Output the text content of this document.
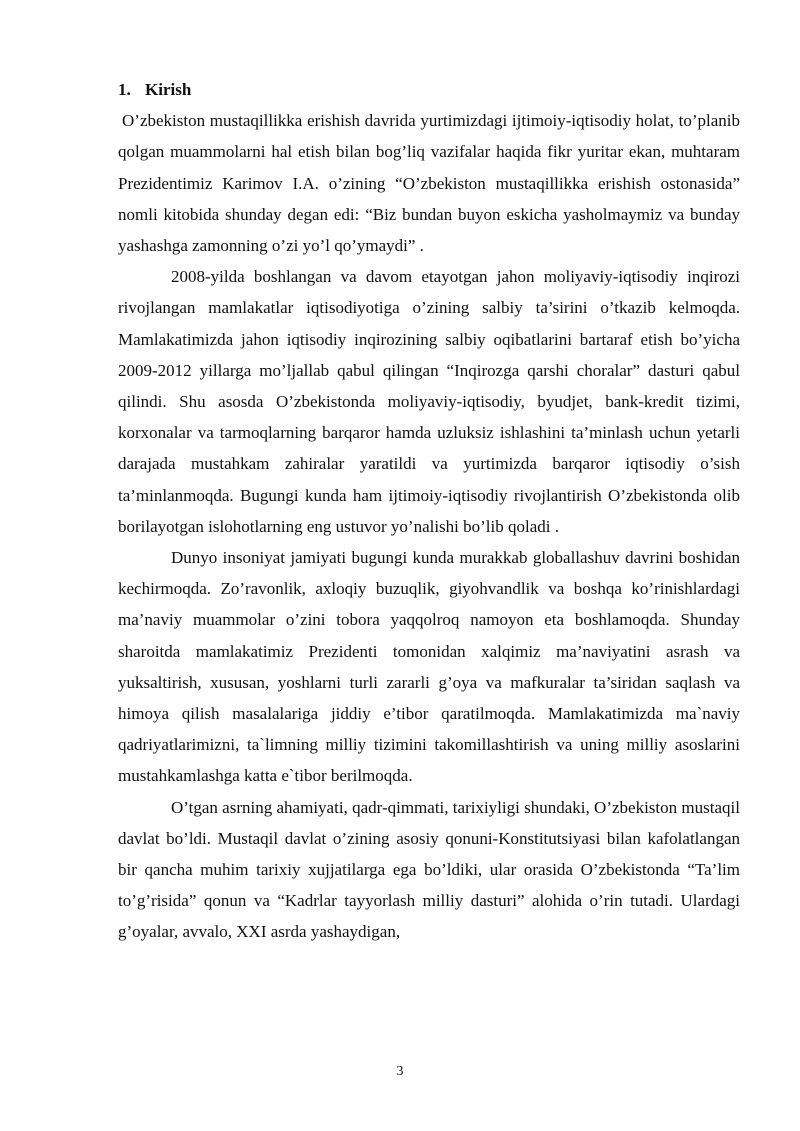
1. Kirish

O’zbekiston mustaqillikka erishish davrida yurtimizdagi ijtimoiy-iqtisodiy holat, to’planib qolgan muammolarni hal etish bilan bog’liq vazifalar haqida fikr yuritar ekan, muhtaram Prezidentimiz Karimov I.A. o’zining “O’zbekiston mustaqillikka erishish ostonasida” nomli kitobida shunday degan edi: “Biz bundan buyon eskicha yasholmaymiz va bunday yashashga zamonning o’zi yo’l qo’ymaydi” .

2008-yilda boshlangan va davom etayotgan jahon moliyaviy-iqtisodiy inqirozi rivojlangan mamlakatlar iqtisodiyotiga o’zining salbiy ta’sirini o’tkazib kelmoqda. Mamlakatimizda jahon iqtisodiy inqirozining salbiy oqibatlarini bartaraf etish bo’yicha 2009-2012 yillarga mo’ljallab qabul qilingan “Inqirozga qarshi choralar” dasturi qabul qilindi. Shu asosda O’zbekistonda moliyaviy-iqtisodiy, byudjet, bank-kredit tizimi, korxonalar va tarmoqlarning barqaror hamda uzluksiz ishlashini ta’minlash uchun yetarli darajada mustahkam zahiralar yaratildi va yurtimizda barqaror iqtisodiy o’sish ta’minlanmoqda. Bugungi kunda ham ijtimoiy-iqtisodiy rivojlantirish O’zbekistonda olib borilayotgan islohotlarning eng ustuvor yo’nalishi bo’lib qoladi .

Dunyo insoniyat jamiyati bugungi kunda murakkab globallashuv davrini boshidan kechirmoqda. Zo’ravonlik, axloqiy buzuqlik, giyohvandlik va boshqa ko’rinishlardagi ma’naviy muammolar o’zini tobora yaqqolroq namoyon eta boshlamoqda. Shunday sharoitda mamlakatimiz Prezidenti tomonidan xalqimiz ma’naviyatini asrash va yuksaltirish, xususan, yoshlarni turli zararli g’oya va mafkuralar ta’siridan saqlash va himoya qilish masalalariga jiddiy e’tibor qaratilmoqda. Mamlakatimizda ma`naviy qadriyatlarimizni, ta`limning milliy tizimini takomillashtirish va uning milliy asoslarini mustahkamlashga katta e`tibor berilmoqda.

O’tgan asrning ahamiyati, qadr-qimmati, tarixiyligi shundaki, O’zbekiston mustaqil davlat bo’ldi. Mustaqil davlat o’zining asosiy qonuni-Konstitutsiyasi bilan kafolatlangan bir qancha muhim tarixiy xujjatilarga ega bo’ldiki, ular orasida O’zbekistonda “Ta’lim to’g’risida” qonun va “Kadrlar tayyorlash milliy dasturi” alohida o’rin tutadi. Ulardagi g’oyalar, avvalo, XXI asrda yashaydigan,

3
